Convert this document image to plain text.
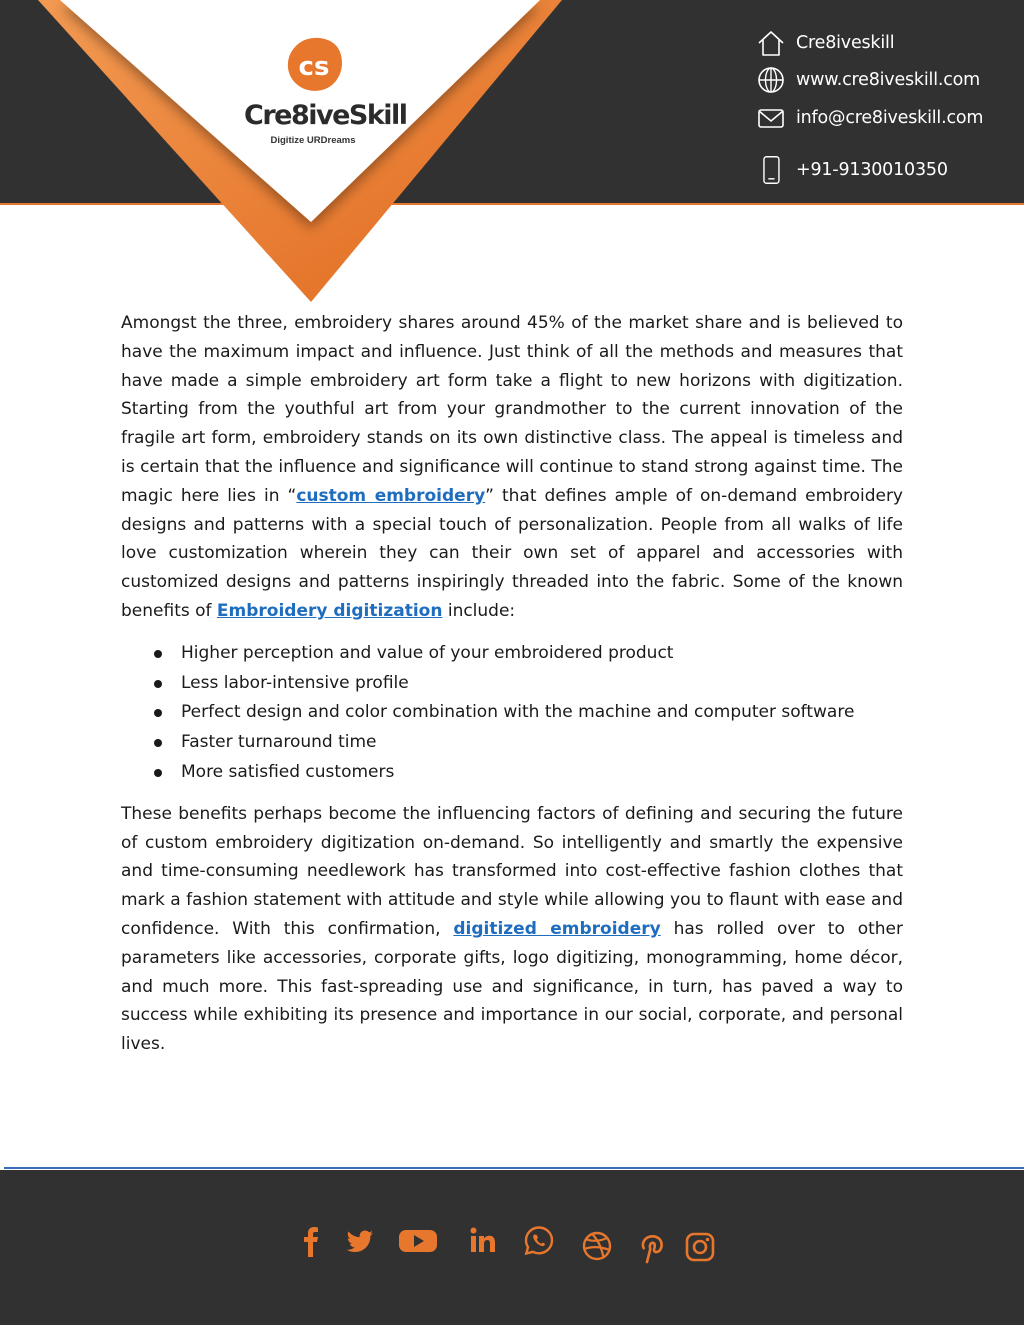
cs
Cre8iveSkill
Digitize URDreams
Cre8iveskill
www.cre8iveskill.com
info@cre8iveskill.com
+91-9130010350

Amongst the three, embroidery shares around 45% of the market share and is believed to have the maximum impact and influence. Just think of all the methods and measures that have made a simple embroidery art form take a flight to new horizons with digitization. Starting from the youthful art from your grandmother to the current innovation of the fragile art form, embroidery stands on its own distinctive class. The appeal is timeless and is certain that the influence and significance will continue to stand strong against time. The magic here lies in “custom embroidery” that defines ample of on-demand embroidery designs and patterns with a special touch of personalization. People from all walks of life love customization wherein they can their own set of apparel and accessories with customized designs and patterns inspiringly threaded into the fabric. Some of the known benefits of Embroidery digitization include:

Higher perception and value of your embroidered product
Less labor-intensive profile
Perfect design and color combination with the machine and computer software
Faster turnaround time
More satisfied customers

These benefits perhaps become the influencing factors of defining and securing the future of custom embroidery digitization on-demand. So intelligently and smartly the expensive and time-consuming needlework has transformed into cost-effective fashion clothes that mark a fashion statement with attitude and style while allowing you to flaunt with ease and confidence. With this confirmation, digitized embroidery has rolled over to other parameters like accessories, corporate gifts, logo digitizing, monogramming, home décor, and much more. This fast-spreading use and significance, in turn, has paved a way to success while exhibiting its presence and importance in our social, corporate, and personal lives.
